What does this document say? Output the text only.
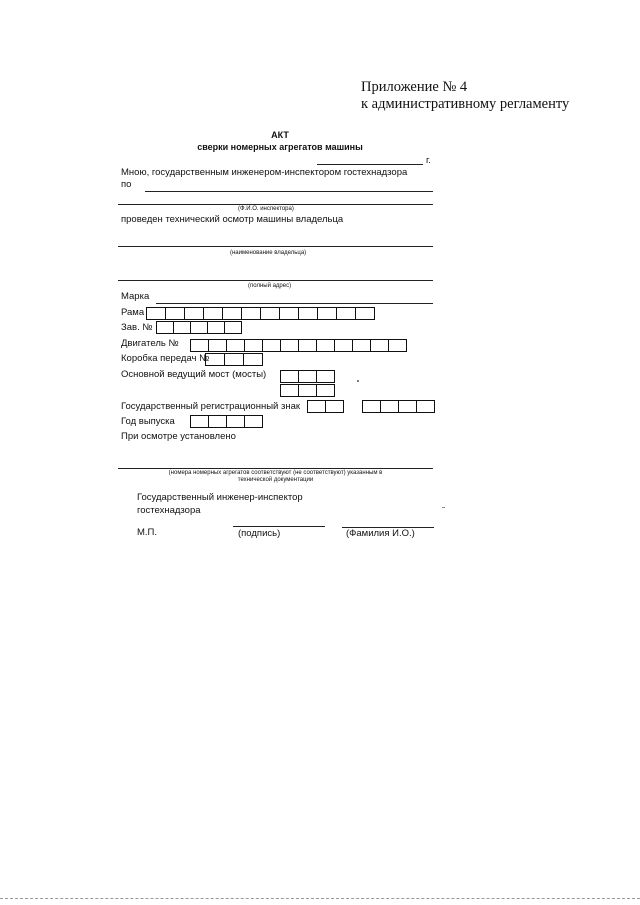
Приложение № 4
к административному регламенту
АКТ
сверки номерных агрегатов машины
г.
Мною, государственным инженером-инспектором гостехнадзора
по
(Ф.И.О. инспектора)
проведен технический осмотр машины владельца
(наименование владельца)
(полный адрес)
Марка
Рама
Зав. №
Двигатель №
Коробка передач №
Основной ведущий мост (мосты)
Государственный регистрационный знак
Год выпуска
При осмотре установлено
(номера номерных агрегатов соответствуют (не соответствуют) указанным в
технической документации
Государственный инженер-инспектор
гостехнадзора
М.П.	(подпись)	(Фамилия И.О.)
